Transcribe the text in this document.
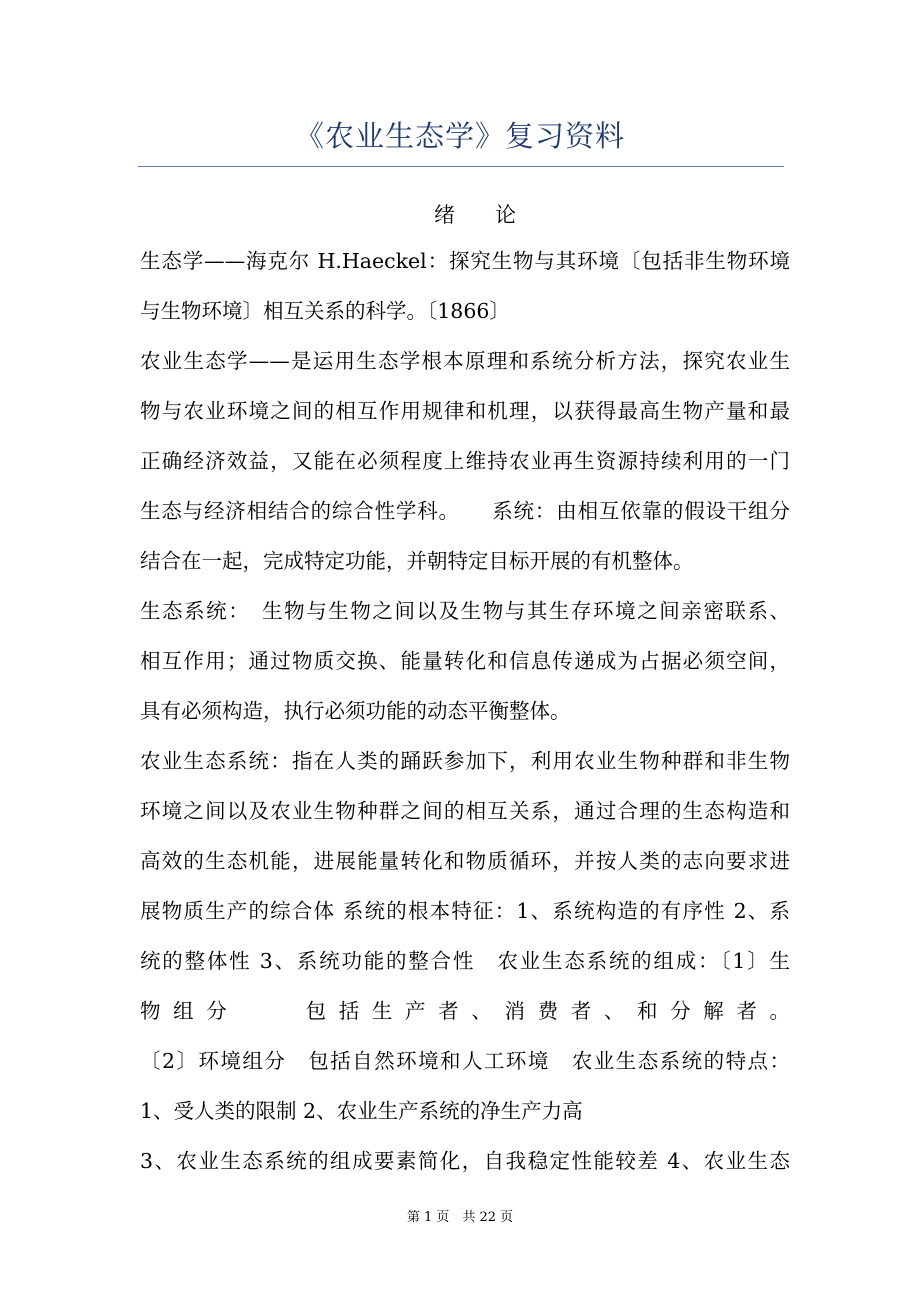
《农业生态学》复习资料
绪论

生态学——海克尔 H.Haeckel：探究生物与其环境〔包括非生物环境

与生物环境〕相互关系的科学。〔1866〕

农业生态学——是运用生态学根本原理和系统分析方法，探究农业生

物与农业环境之间的相互作用规律和机理，以获得最高生物产量和最

正确经济效益，又能在必须程度上维持农业再生资源持续利用的一门

生态与经济相结合的综合性学科。　　系统：由相互依靠的假设干组分

结合在一起，完成特定功能，并朝特定目标开展的有机整体。

生态系统：　生物与生物之间以及生物与其生存环境之间亲密联系、

相互作用；通过物质交换、能量转化和信息传递成为占据必须空间，

具有必须构造，执行必须功能的动态平衡整体。

农业生态系统：指在人类的踊跃参加下，利用农业生物种群和非生物

环境之间以及农业生物种群之间的相互关系，通过合理的生态构造和

高效的生态机能，进展能量转化和物质循环，并按人类的志向要求进

展物质生产的综合体 系统的根本特征：1、系统构造的有序性 2、系

统的整体性 3、系统功能的整合性　农业生态系统的组成：〔1〕生

物组分　　包括生产者、消费者、和分解者。

〔2〕环境组分　包括自然环境和人工环境　农业生态系统的特点：

1、受人类的限制 2、农业生产系统的净生产力高

3、农业生态系统的组成要素简化，自我稳定性能较差 4、农业生态

第 1 页　共 22 页
